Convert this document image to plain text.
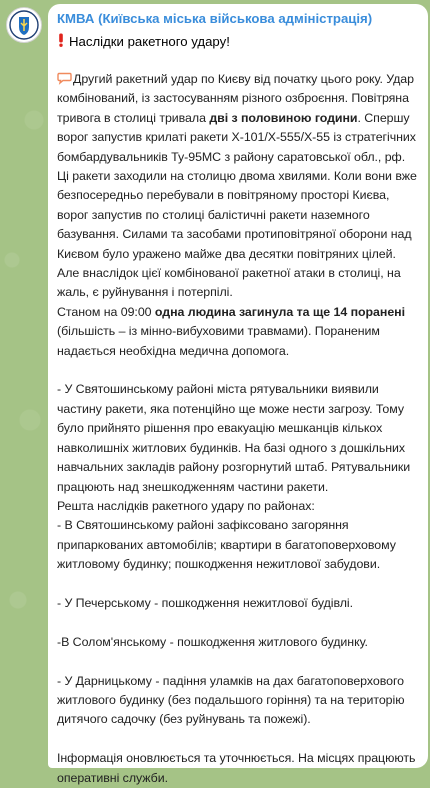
КМВА (Київська міська військова адміністрація)
Наслідки ракетного удару!

Другий ракетний удар по Києву від початку цього року. Удар комбінований, із застосуванням різного озброєння. Повітряна тривога в столиці тривала дві з половиною години. Спершу ворог запустив крилаті ракети Х-101/Х-555/Х-55 із стратегічних бомбардувальників Ту-95МС з району саратовської обл., рф. Ці ракети заходили на столицю двома хвилями. Коли вони вже безпосередньо перебували в повітряному просторі Києва, ворог запустив по столиці балістичні ракети наземного базування. Силами та засобами протиповітряної оборони над Києвом було уражено майже два десятки повітряних цілей. Але внаслідок цієї комбінованої ракетної атаки в столиці, на жаль, є руйнування і потерпілі.

Станом на 09:00 одна людина загинула та ще 14 поранені (більшість – із мінно-вибуховими травмами). Пораненим надається необхідна медична допомога.

- У Святошинському районі міста рятувальники виявили частину ракети, яка потенційно ще може нести загрозу. Тому було прийнято рішення про евакуацію мешканців кількох навколишніх житлових будинків. На базі одного з дошкільних навчальних закладів району розгорнутий штаб. Рятувальники працюють над знешкодженням частини ракети.

Решта наслідків ракетного удару по районах:

- В Святошинському районі зафіксовано загоряння припаркованих автомобілів; квартири в багатоповерховому житловому будинку; пошкодження нежитлової забудови.

- У Печерському - пошкодження нежитлової будівлі.

-В Солом'янському - пошкодження житлового будинку.

- У Дарницькому - падіння уламків на дах багатоповерхового житлового будинку (без подальшого горіння) та на територію дитячого садочку (без руйнувань та пожежі).

Інформація оновлюється та уточнюється. На місцях працюють оперативні служби.
